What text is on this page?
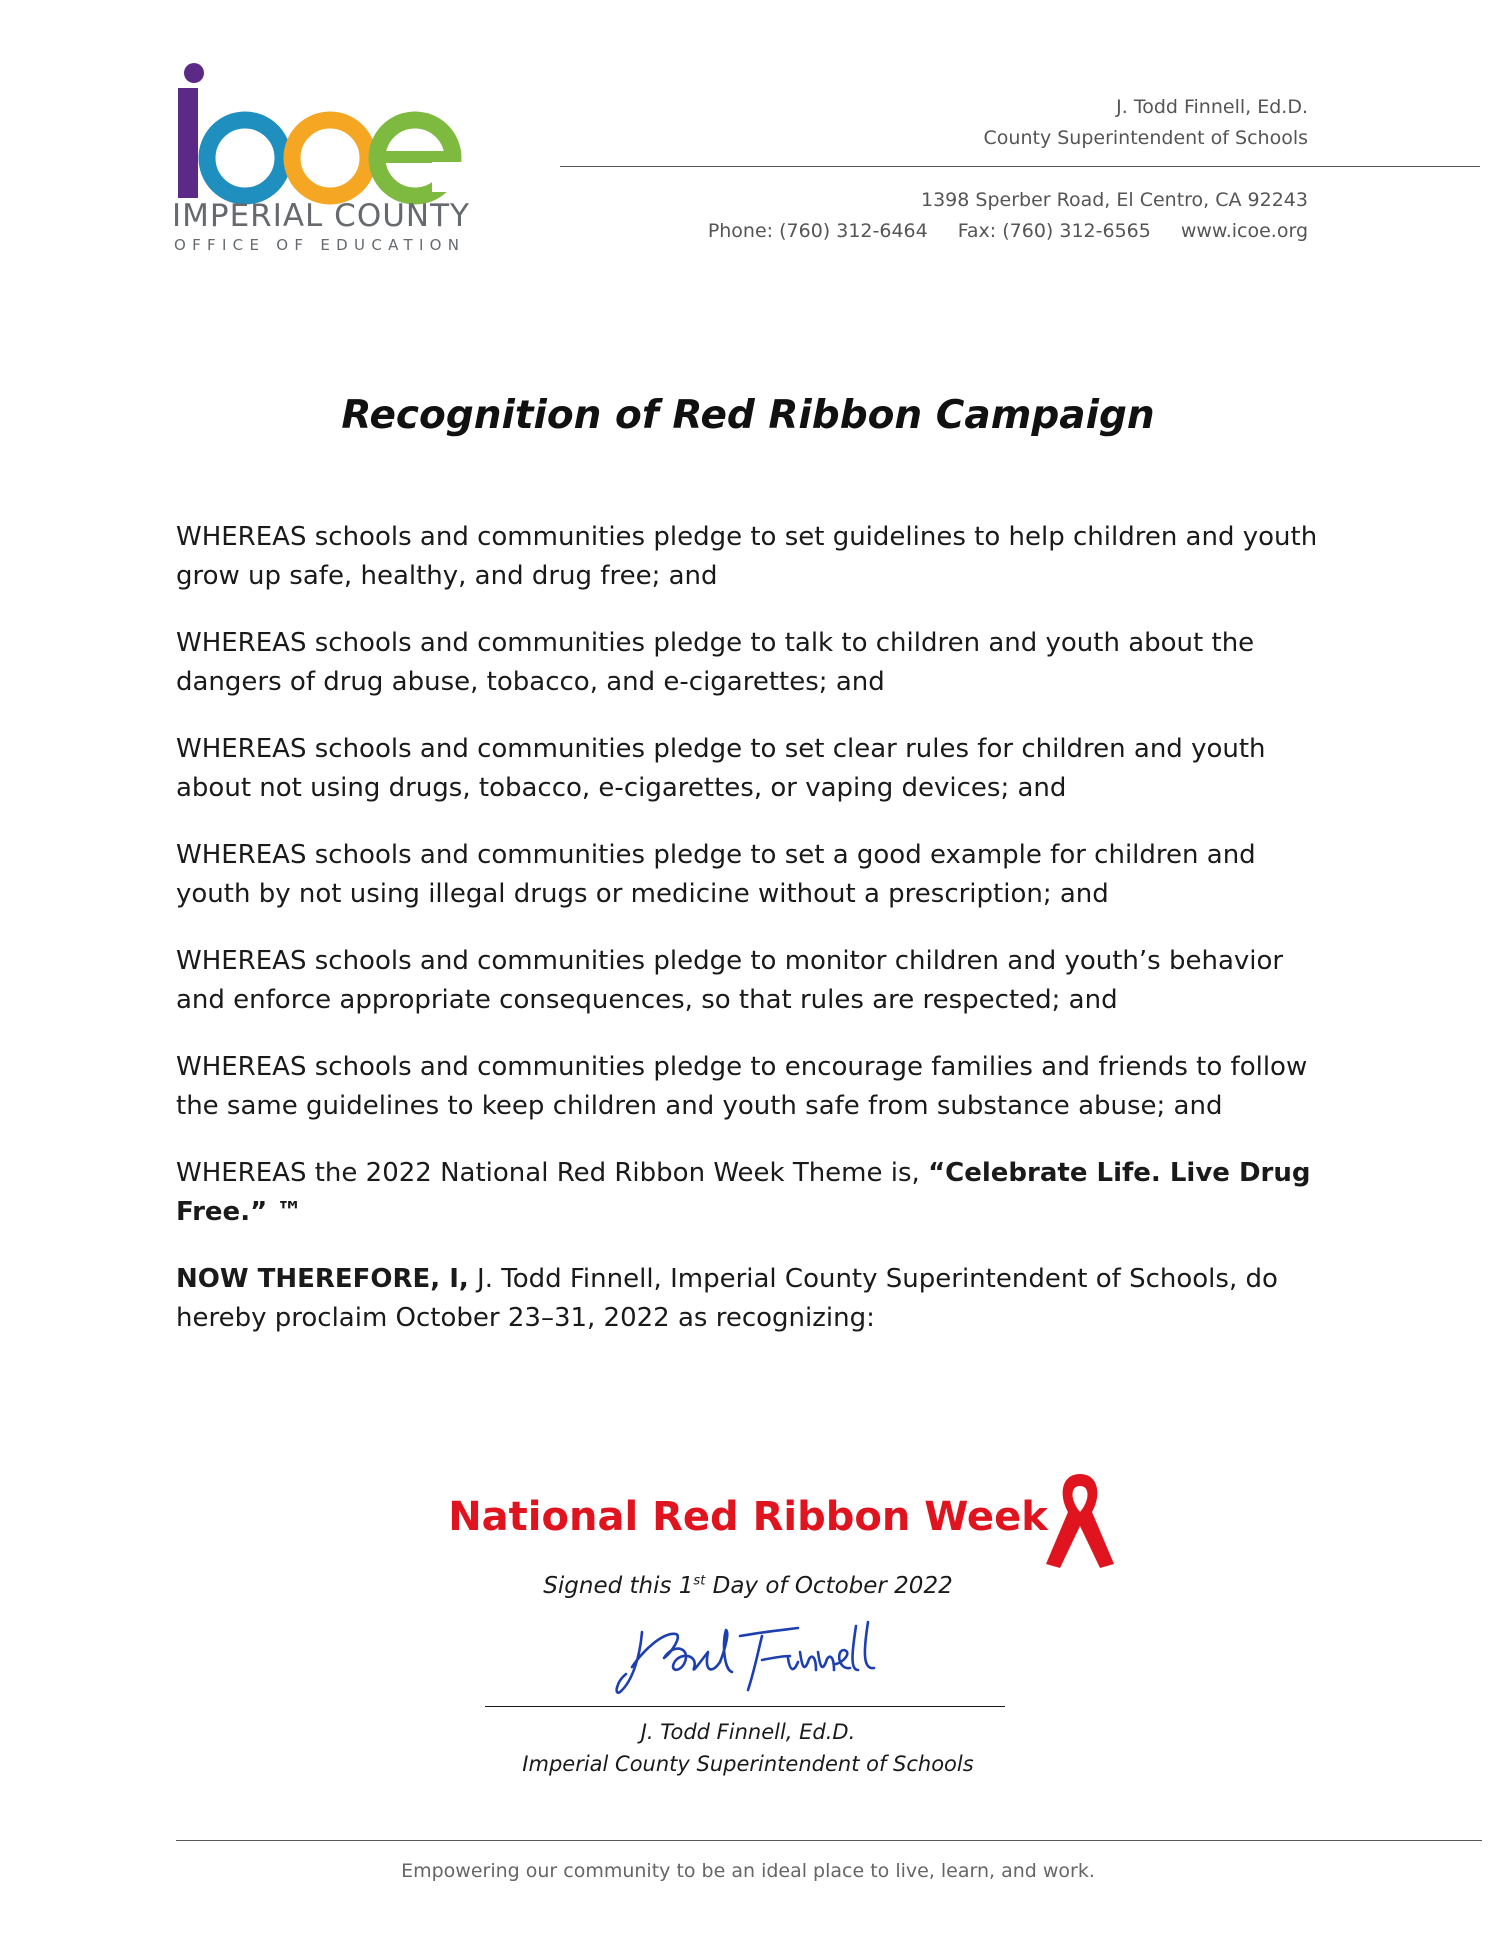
IMPERIAL COUNTY
OFFICE OF EDUCATION
J. Todd Finnell, Ed.D.
County Superintendent of Schools
1398 Sperber Road, El Centro, CA 92243
Phone: (760) 312-6464 Fax: (760) 312-6565 www.icoe.org
Recognition of Red Ribbon Campaign

WHEREAS schools and communities pledge to set guidelines to help children and youth grow up safe, healthy, and drug free; and

WHEREAS schools and communities pledge to talk to children and youth about the dangers of drug abuse, tobacco, and e-cigarettes; and

WHEREAS schools and communities pledge to set clear rules for children and youth about not using drugs, tobacco, e-cigarettes, or vaping devices; and

WHEREAS schools and communities pledge to set a good example for children and youth by not using illegal drugs or medicine without a prescription; and

WHEREAS schools and communities pledge to monitor children and youth’s behavior and enforce appropriate consequences, so that rules are respected; and

WHEREAS schools and communities pledge to encourage families and friends to follow the same guidelines to keep children and youth safe from substance abuse; and

WHEREAS the 2022 National Red Ribbon Week Theme is, “Celebrate Life. Live Drug Free.” ™

NOW THEREFORE, I, J. Todd Finnell, Imperial County Superintendent of Schools, do hereby proclaim October 23–31, 2022 as recognizing:

National Red Ribbon Week
Signed this 1st Day of October 2022
J. Todd Finnell, Ed.D.
Imperial County Superintendent of Schools
Empowering our community to be an ideal place to live, learn, and work.
